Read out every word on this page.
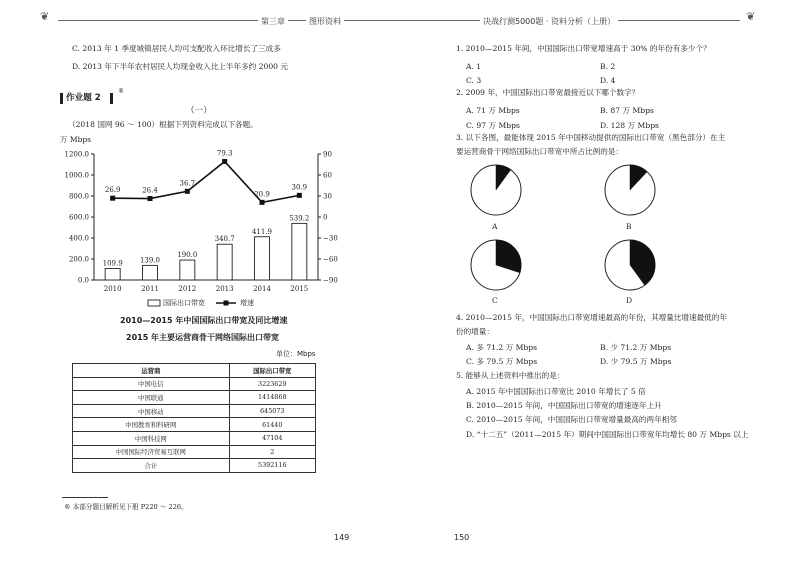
❦	第三章	图形资料	决战行测5000题 · 资料分析（上册）	❦
C. 2013 年 1 季度城镇居民人均可支配收入环比增长了三成多
D. 2013 年下半年农村居民人均现金收入比上半年多约 2000 元
作业题 2
®
（一）
（2018 国网 96 ～ 100）根据下列资料完成以下各题。
万 Mbps
0.0
200.0
400.0
600.0
800.0
1000.0
1200.0
−90
−60
−30
0
30
60
90
109.9
2010
139.0
2011
190.0
2012
340.7
2013
411.9
2014
539.2
2015
26.9	26.4
36.7
79.3
20.9
30.9
国际出口带宽	增速
2010—2015 年中国国际出口带宽及同比增速
2015 年主要运营商骨干网络国际出口带宽
单位：Mbps
运营商	国际出口带宽
中国电信	3223629
中国联通	1414868
中国移动	645073
中国教育和科研网	61440
中国科技网	47104
中国国际经济贸易互联网	2
合计	5392116
® 本部分题目解析见下册 P220 ～ 226。
149
1. 2010—2015 年间，中国国际出口带宽增速高于 30% 的年份有多少个？
A. 1	B. 2
C. 3	D. 4
2. 2009 年，中国国际出口带宽最接近以下哪个数字？
A. 71 万 Mbps	B. 87 万 Mbps
C. 97 万 Mbps	D. 128 万 Mbps
3. 以下各图，最能体现 2015 年中国移动提供的国际出口带宽（黑色部分）在主
要运营商骨干网络国际出口带宽中所占比例的是：
A	B
C	D
4. 2010—2015 年，中国国际出口带宽增速最高的年份，其增量比增速最低的年
份的增量：
A. 多 71.2 万 Mbps	B. 少 71.2 万 Mbps
C. 多 79.5 万 Mbps	D. 少 79.5 万 Mbps
5. 能够从上述资料中推出的是：
A. 2015 年中国国际出口带宽比 2010 年增长了 5 倍
B. 2010—2015 年间，中国国际出口带宽的增速逐年上升
C. 2010—2015 年间，中国国际出口带宽增量最高的两年相邻
D. “十二五”（2011—2015 年）期间中国国际出口带宽年均增长 80 万 Mbps 以上
150
